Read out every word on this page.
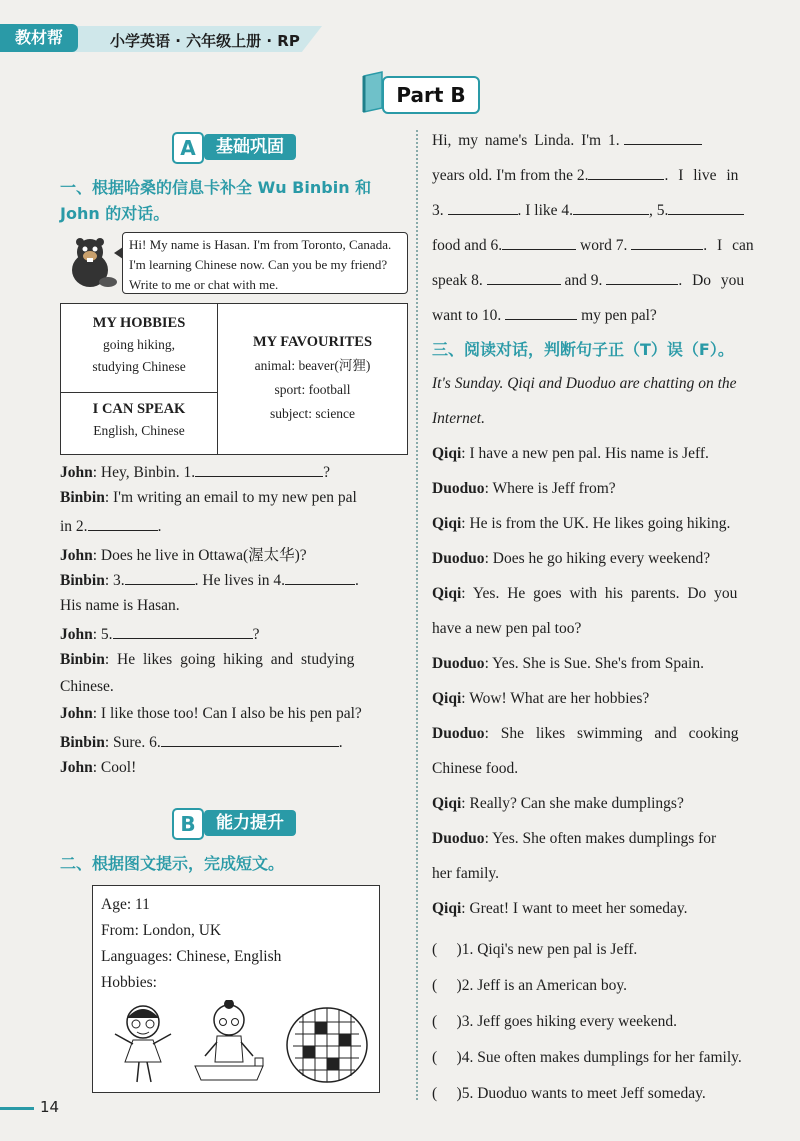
教材帮	小学英语 · 六年级上册 · RP
Part B
A	基础巩固
一、根据哈桑的信息卡补全 Wu Binbin 和
John 的对话。
Hi! My name is Hasan. I'm from Toronto, Canada.
I'm learning Chinese now. Can you be my friend?
Write to me or chat with me.
MY HOBBIES
going hiking,
studying Chinese
I CAN SPEAK
English, Chinese
MY FAVOURITES
animal: beaver(河狸)
sport: football
subject: science
John: Hey, Binbin. 1.	?
Binbin: I'm writing an email to my new pen pal
in 2.	.
John: Does he live in Ottawa(渥太华)?
Binbin: 3.	. He lives in 4.	.
His name is Hasan.
John: 5.	?
Binbin: He likes going hiking and studying
Chinese.
John: I like those too! Can I also be his pen pal?
Binbin: Sure. 6.	.
John: Cool!
B	能力提升
二、根据图文提示，完成短文。
Age: 11
From: London, UK
Languages: Chinese, English
Hobbies:
Hi, my name's Linda. I'm 1.
years old. I'm from the 2.	. I live in
3.	. I like 4.	, 5.
food and 6.	word 7.	. I can
speak 8.	and 9.	. Do you
want to 10.	my pen pal?
三、阅读对话，判断句子正（T）误（F）。
It's Sunday. Qiqi and Duoduo are chatting on the
Internet.
Qiqi: I have a new pen pal. His name is Jeff.
Duoduo: Where is Jeff from?
Qiqi: He is from the UK. He likes going hiking.
Duoduo: Does he go hiking every weekend?
Qiqi: Yes. He goes with his parents. Do you
have a new pen pal too?
Duoduo: Yes. She is Sue. She's from Spain.
Qiqi: Wow! What are her hobbies?
Duoduo: She likes swimming and cooking
Chinese food.
Qiqi: Really? Can she make dumplings?
Duoduo: Yes. She often makes dumplings for
her family.
Qiqi: Great! I want to meet her someday.
(　 )1. Qiqi's new pen pal is Jeff.
(　 )2. Jeff is an American boy.
(　 )3. Jeff goes hiking every weekend.
(　 )4. Sue often makes dumplings for her family.
(　 )5. Duoduo wants to meet Jeff someday.
14
